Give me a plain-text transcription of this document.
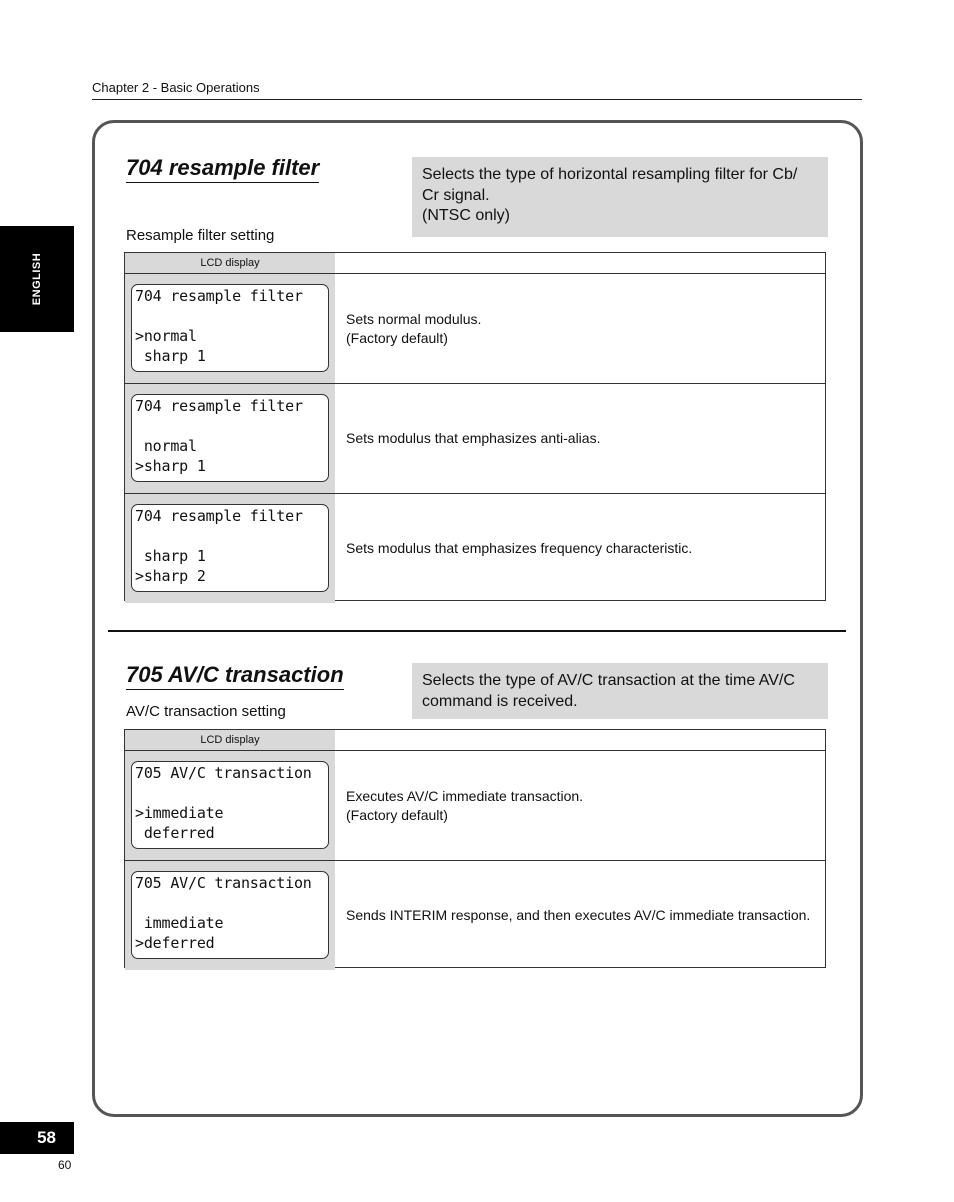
Chapter 2 - Basic Operations
ENGLISH
704 resample filter	Selects the type of horizontal resampling filter for Cb/
Cr signal.
(NTSC only)
Resample filter setting
LCD display
704 resample filter
>normal
sharp 1
Sets normal modulus.
(Factory default)
704 resample filter
normal
>sharp 1
Sets modulus that emphasizes anti-alias.
704 resample filter
sharp 1
>sharp 2
Sets modulus that emphasizes frequency characteristic.
705 AV/C transaction	Selects the type of AV/C transaction at the time AV/C
command is received.
AV/C transaction setting
LCD display
705 AV/C transaction
>immediate
deferred
Executes AV/C immediate transaction.
(Factory default)
705 AV/C transaction
immediate
>deferred
Sends INTERIM response, and then executes AV/C immediate transaction.
58
60
